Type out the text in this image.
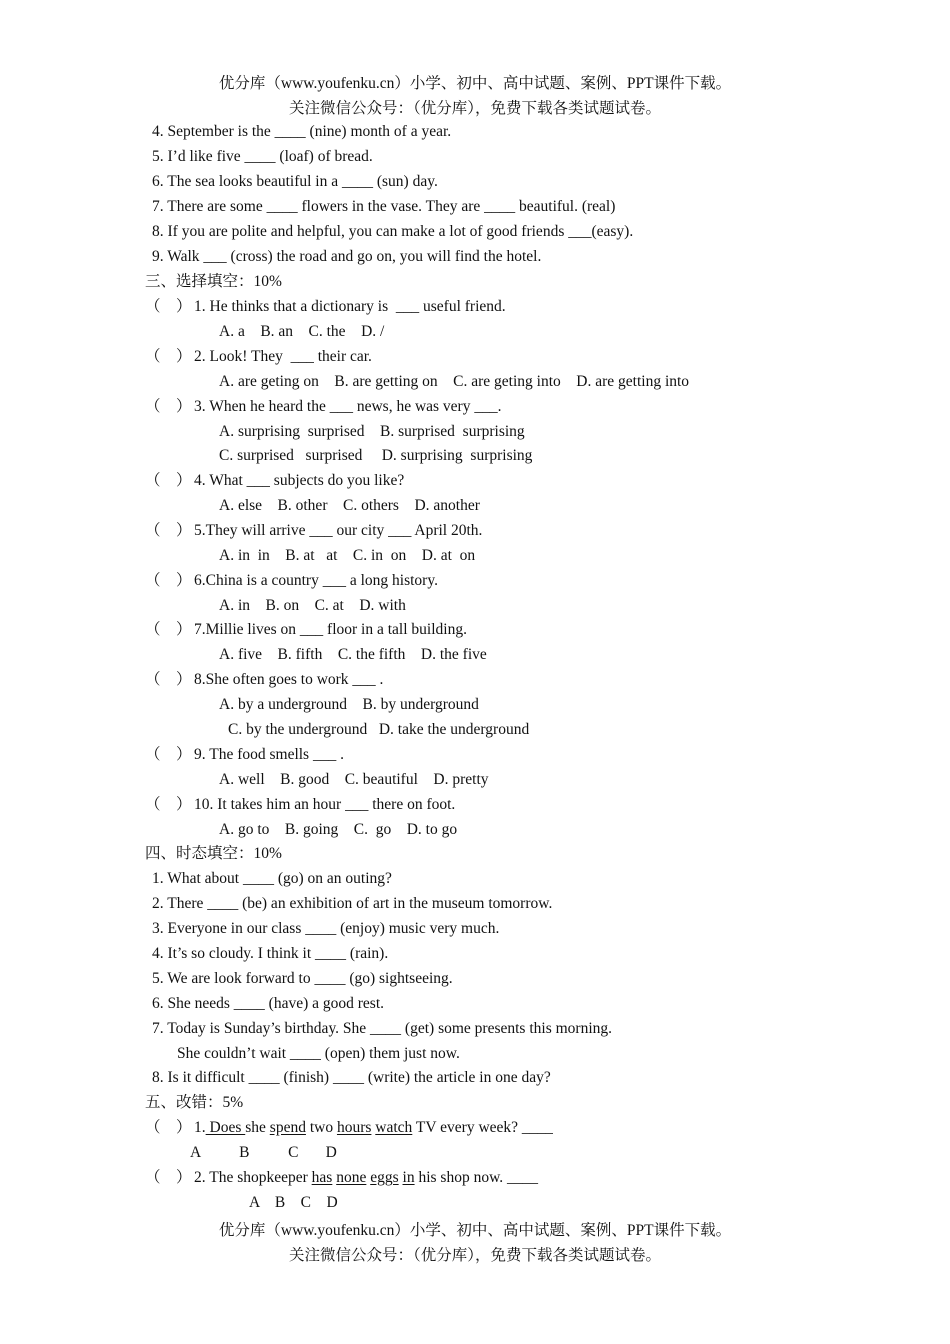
优分库（www.youfenku.cn）小学、初中、高中试题、案例、PPT课件下载。
关注微信公众号：（优分库），免费下载各类试题试卷。
4. September is the ____ (nine) month of a year.
5. I’d like five ____ (loaf) of bread.
6. The sea looks beautiful in a ____ (sun) day.
7. There are some ____ flowers in the vase. They are ____ beautiful. (real)
8. If you are polite and helpful, you can make a lot of good friends ___(easy).
9. Walk ___ (cross) the road and go on, you will find the hotel.
三、选择填空：10%
（    ） 1. He thinks that a dictionary is  ___ useful friend.
A. a    B. an    C. the    D. /
（    ） 2. Look! They  ___ their car.
A. are geting on    B. are getting on    C. are geting into    D. are getting into
（    ） 3. When he heard the ___ news, he was very ___.
A. surprising  surprised    B. surprised  surprising
C. surprised   surprised     D. surprising  surprising
（    ） 4. What ___ subjects do you like?
A. else    B. other    C. others    D. another
（    ） 5.They will arrive ___ our city ___ April 20th.
A. in  in    B. at   at    C. in  on    D. at  on
（    ） 6.China is a country ___ a long history.
A. in    B. on    C. at    D. with
（    ） 7.Millie lives on ___ floor in a tall building.
A. five    B. fifth    C. the fifth    D. the five
（    ） 8.She often goes to work ___ .
A. by a underground    B. by underground
C. by the underground   D. take the underground
（    ） 9. The food smells ___ .
A. well    B. good    C. beautiful    D. pretty
（    ） 10. It takes him an hour ___ there on foot.
A. go to    B. going    C.  go    D. to go
四、时态填空：10%
1. What about ____ (go) on an outing?
2. There ____ (be) an exhibition of art in the museum tomorrow.
3. Everyone in our class ____ (enjoy) music very much.
4. It’s so cloudy. I think it ____ (rain).
5. We are look forward to ____ (go) sightseeing.
6. She needs ____ (have) a good rest.
7. Today is Sunday’s birthday. She ____ (get) some presents this morning.
She couldn’t wait ____ (open) them just now.
8. Is it difficult ____ (finish) ____ (write) the article in one day?
五、改错：5%
（    ） 1. Does she spend two hours watch TV every week? ____
A          B          C       D
（    ） 2. The shopkeeper has none eggs in his shop now. ____
A    B    C    D
优分库（www.youfenku.cn）小学、初中、高中试题、案例、PPT课件下载。
关注微信公众号：（优分库），免费下载各类试题试卷。
